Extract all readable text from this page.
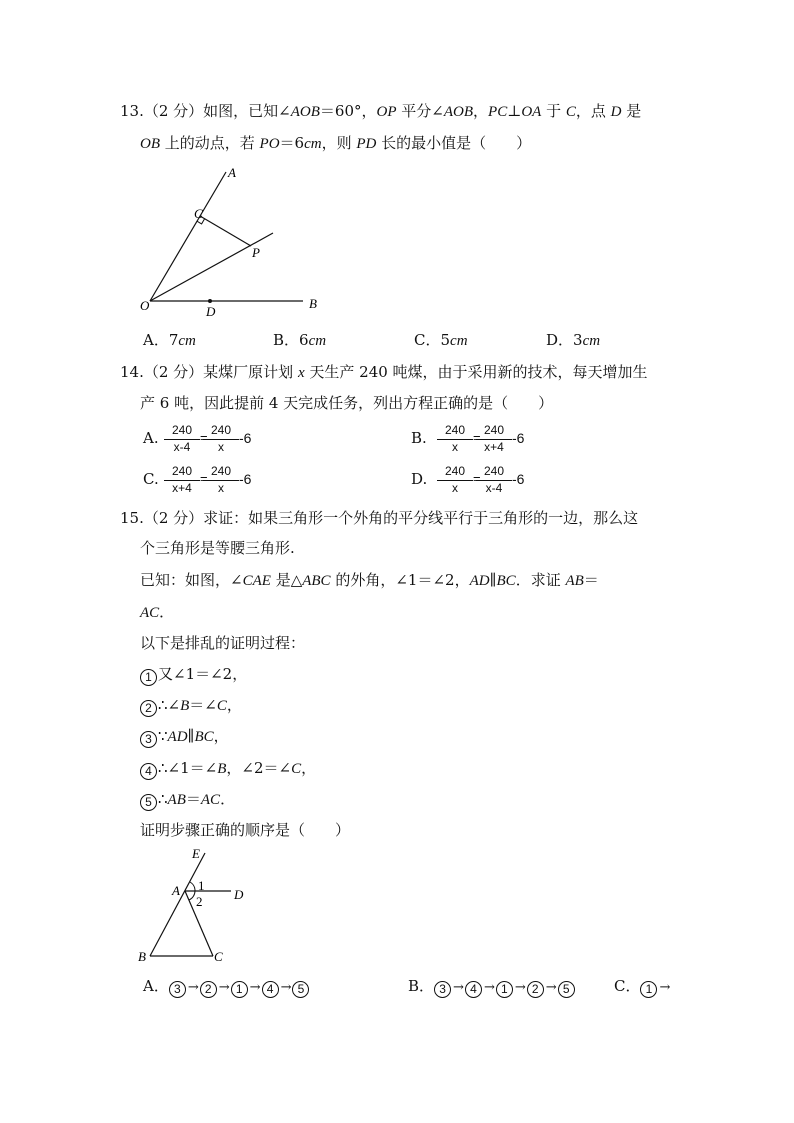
13.（2 分）如图，已知∠AOB＝60°，OP 平分∠AOB，PC⊥OA 于 C，点 D 是
OB 上的动点，若 PO＝6cm，则 PD 长的最小值是（　　）
A
C
P
O	D
B
A．7cm	B．6cm	C．5cm	D．3cm
14.（2 分）某煤厂原计划 x 天生产 240 吨煤，由于采用新的技术，每天增加生
产 6 吨，因此提前 4 天完成任务，列出方程正确的是（　　）
A. $\frac{240}{x-4}$ =
$\frac{240}{x} -6$	B. $\frac{240}{x}$ =
$\frac{240}{x+4} -6$
C. $\frac{240}{x+4}$ =
$\frac{240}{x} -6$	D. $\frac{240}{x}$ =
$\frac{240}{x-4} -6$
15.（2 分）求证：如果三角形一个外角的平分线平行于三角形的一边，那么这
个三角形是等腰三角形.
已知：如图，∠CAE 是△ABC 的外角，∠1＝∠2，AD∥BC．求证 AB＝
AC．
以下是排乱的证明过程：
1 又∠1＝∠2，
2 ∴∠B＝∠C，
3 ∵AD∥BC，
4 ∴∠1＝∠B，∠2＝∠C，
5 ∴AB＝AC．
证明步骤正确的顺序是（　　）
E
A 1
2 D
B	C
A． 3 → 2 → 1 → 4 → 5	B． 3 → 4 → 1 → 2 → 5	C． 1 →
